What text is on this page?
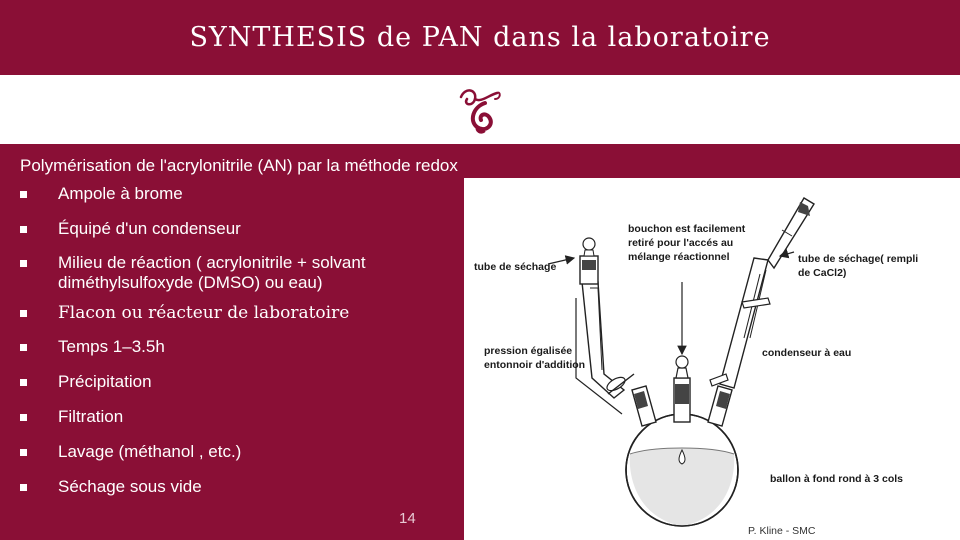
SYNTHESIS de PAN dans la laboratoire
Polymérisation de l'acrylonitrile (AN) par la méthode redox
Ampole à brome
Équipé d'un condenseur
Milieu de réaction ( acrylonitrile + solvant diméthylsulfoxyde (DMSO) ou eau)
Flacon ou réacteur de laboratoire
Temps 1–3.5h
Précipitation
Filtration
Lavage (méthanol , etc.)
Séchage sous vide
14
tube de séchage
bouchon est facilement
retiré pour l'accés au
mélange réactionnel	tube de séchage( rempli
de CaCl2)
pression égalisée
entonnoir d'addition
condenseur à eau
ballon à fond rond à 3 cols
P. Kline - SMC
